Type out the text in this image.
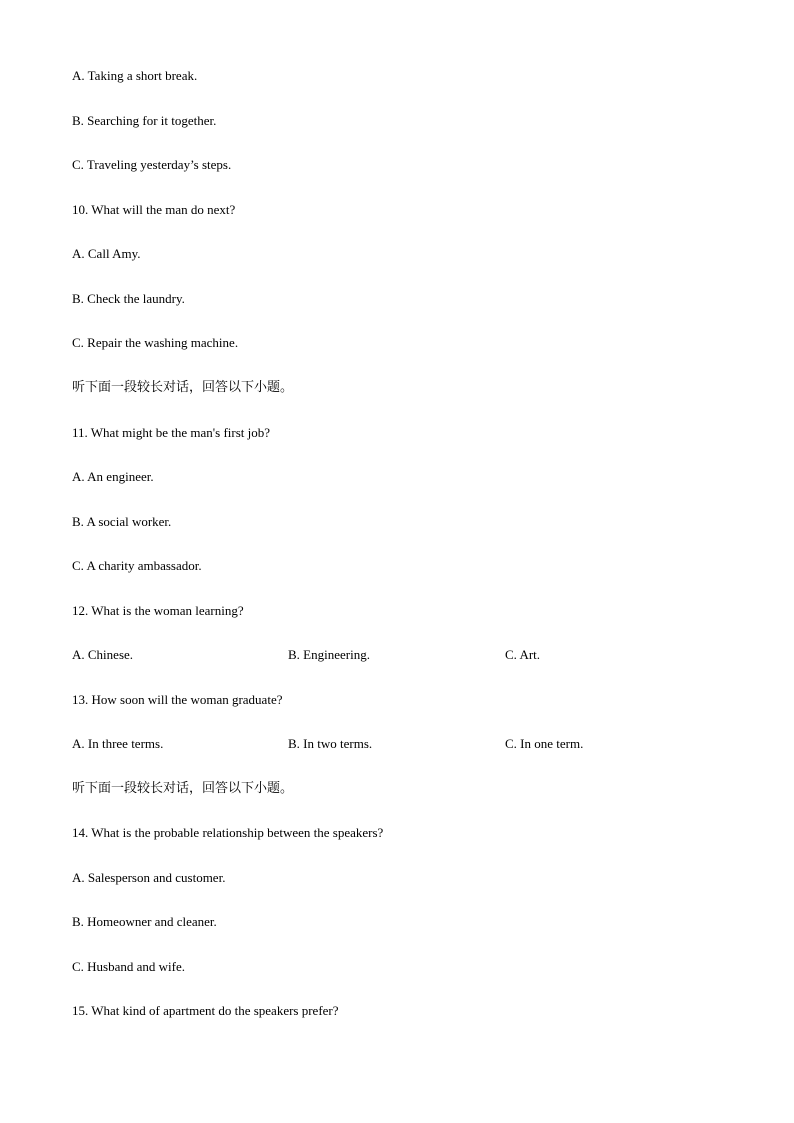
A. Taking a short break.
B. Searching for it together.
C. Traveling yesterday’s steps.
10. What will the man do next?
A. Call Amy.
B. Check the laundry.
C. Repair the washing machine.
听下面一段较长对话，回答以下小题。
11. What might be the man's first job?
A. An engineer.
B. A social worker.
C. A charity ambassador.
12. What is the woman learning?
A. Chinese.	B. Engineering.	C. Art.
13. How soon will the woman graduate?
A. In three terms.	B. In two terms.	C. In one term.
听下面一段较长对话，回答以下小题。
14. What is the probable relationship between the speakers?
A. Salesperson and customer.
B. Homeowner and cleaner.
C. Husband and wife.
15. What kind of apartment do the speakers prefer?
